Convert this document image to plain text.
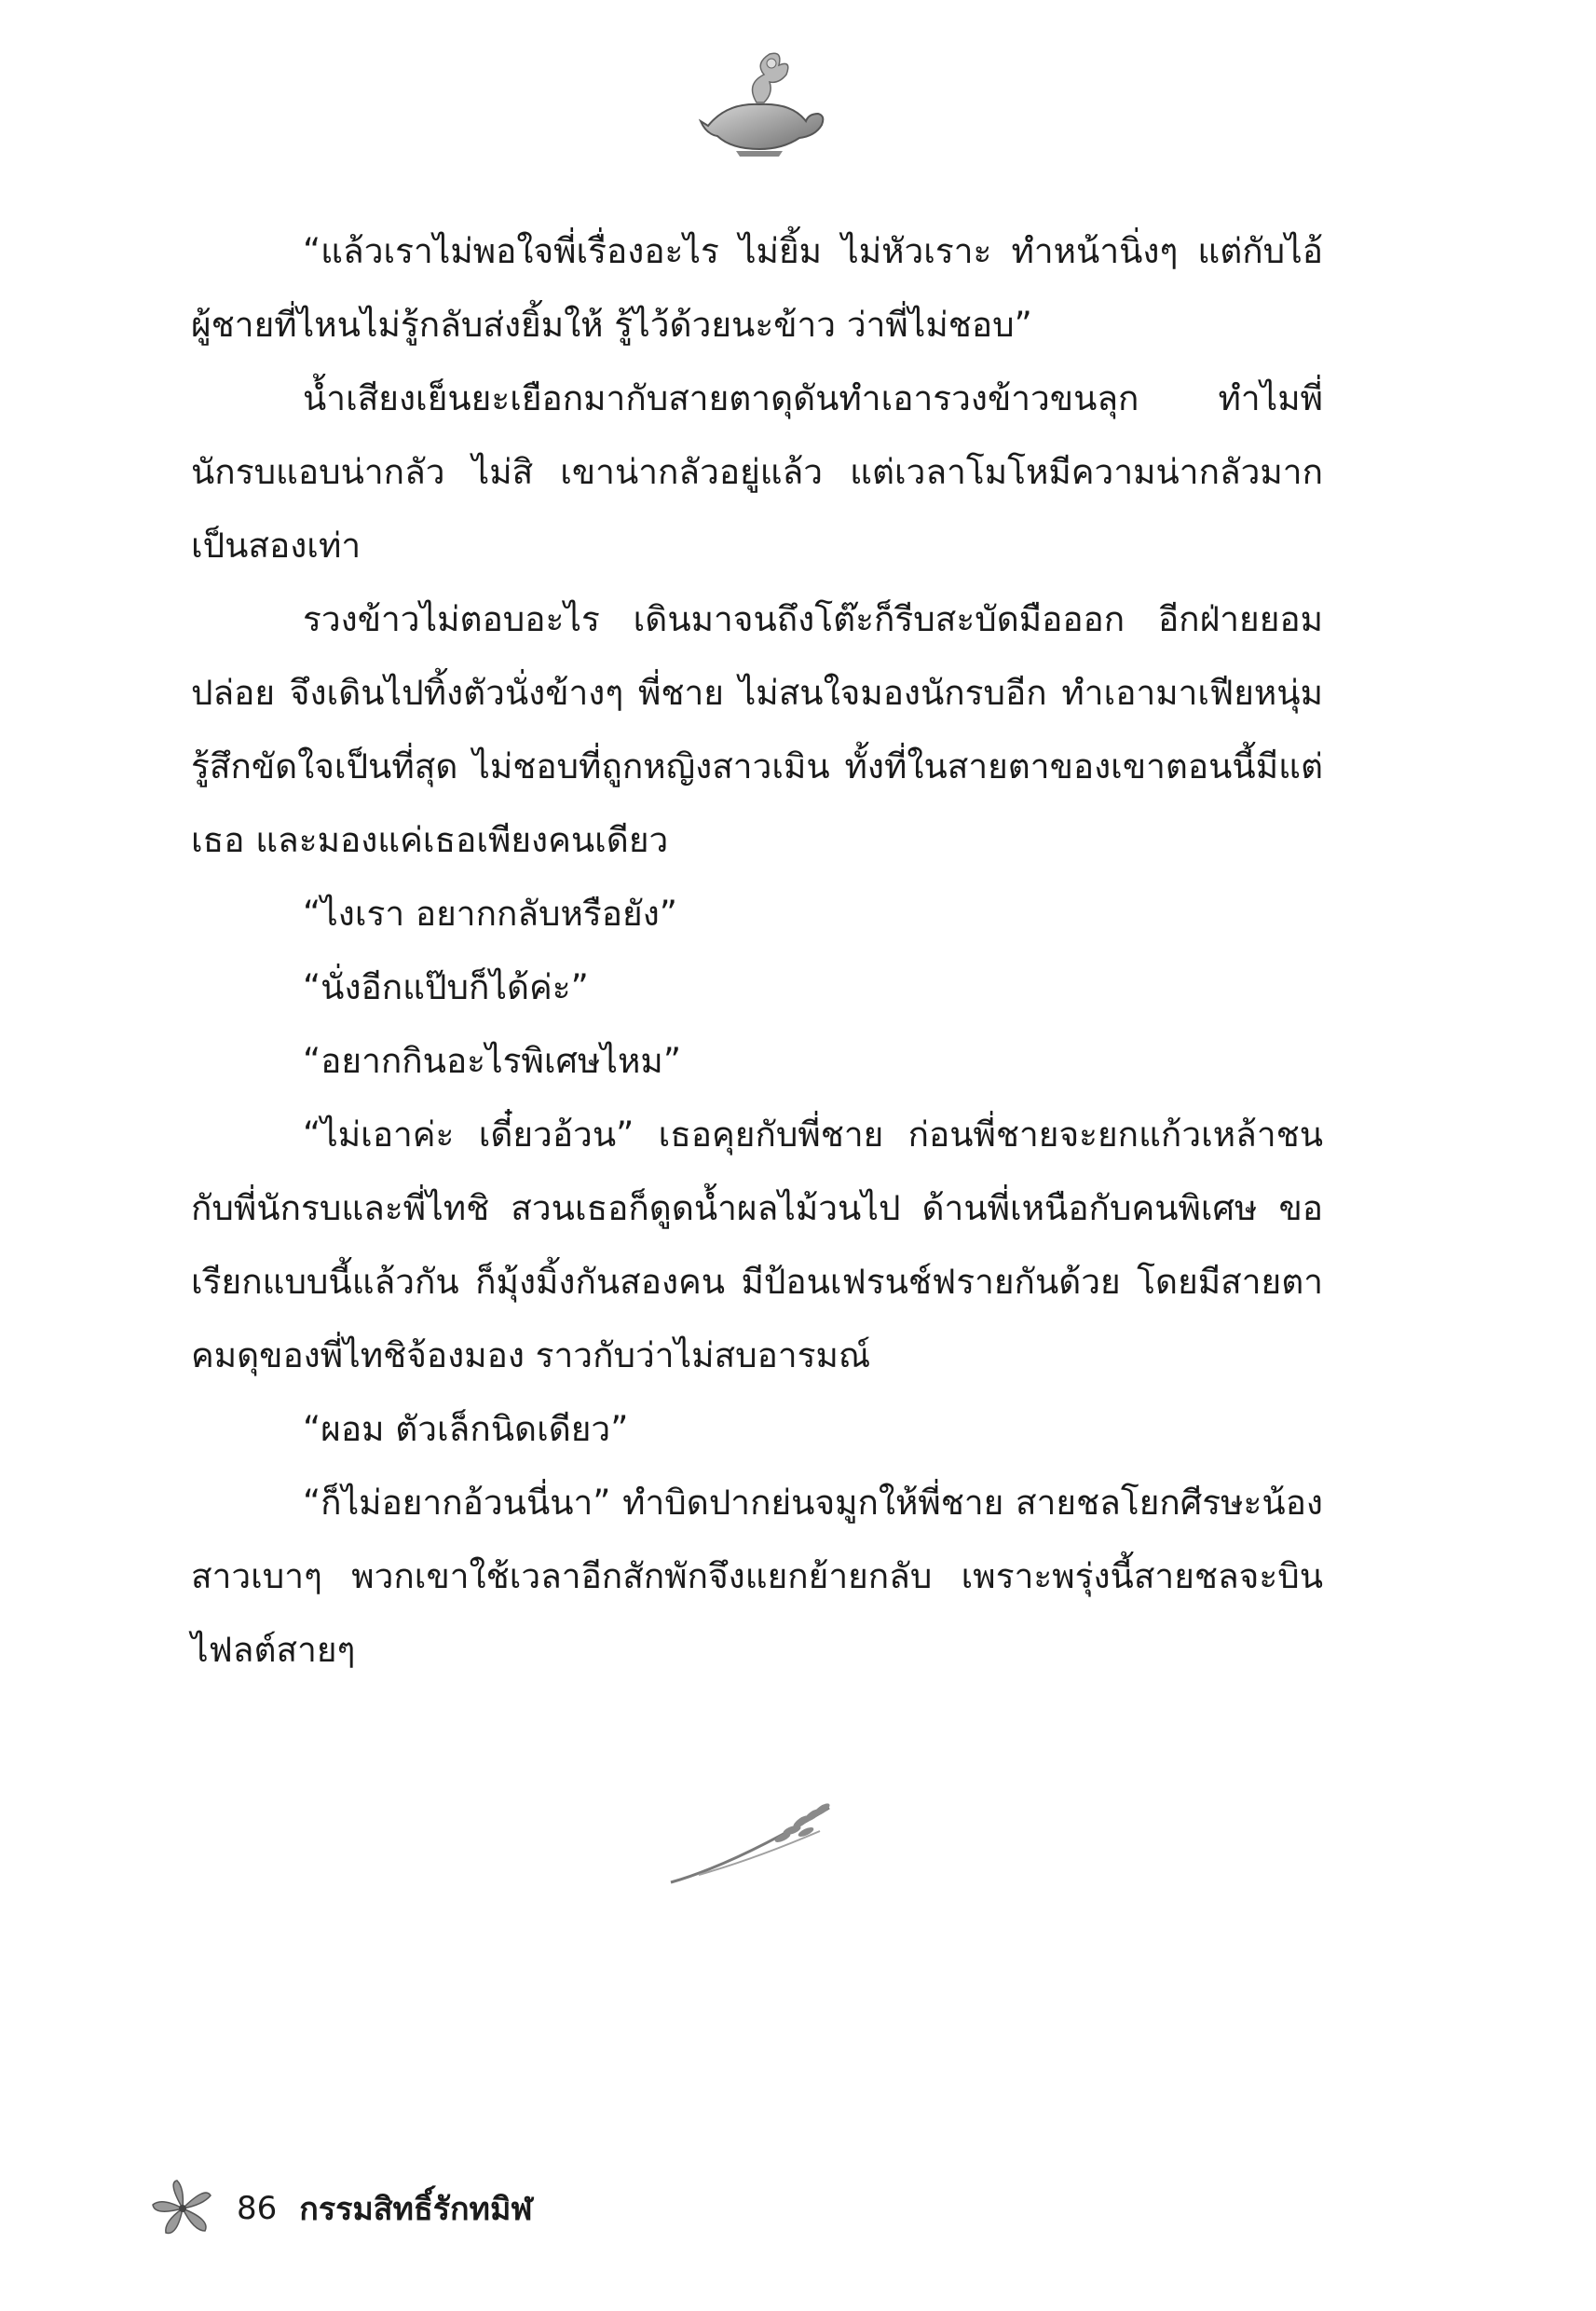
“แล้วเราไม่พอใจพี่เรื่องอะไร ไม่ยิ้ม ไม่หัวเราะ ทำหน้านิ่งๆ แต่กับไอ้ผู้ชายที่ไหนไม่รู้กลับส่งยิ้มให้ รู้ไว้ด้วยนะข้าว ว่าพี่ไม่ชอบ”

น้ำเสียงเย็นยะเยือกมากับสายตาดุดันทำเอารวงข้าวขนลุก ทำไมพี่นักรบแอบน่ากลัว ไม่สิ เขาน่ากลัวอยู่แล้ว แต่เวลาโมโหมีความน่ากลัวมากเป็นสองเท่า

รวงข้าวไม่ตอบอะไร เดินมาจนถึงโต๊ะก็รีบสะบัดมือออก อีกฝ่ายยอมปล่อย จึงเดินไปทิ้งตัวนั่งข้างๆ พี่ชาย ไม่สนใจมองนักรบอีก ทำเอามาเฟียหนุ่มรู้สึกขัดใจเป็นที่สุด ไม่ชอบที่ถูกหญิงสาวเมิน ทั้งที่ในสายตาของเขาตอนนี้มีแต่เธอ และมองแค่เธอเพียงคนเดียว

“ไงเรา อยากกลับหรือยัง”

“นั่งอีกแป๊บก็ได้ค่ะ”

“อยากกินอะไรพิเศษไหม”

“ไม่เอาค่ะ เดี๋ยวอ้วน” เธอคุยกับพี่ชาย ก่อนพี่ชายจะยกแก้วเหล้าชนกับพี่นักรบและพี่ไทชิ สวนเธอก็ดูดน้ำผลไม้วนไป ด้านพี่เหนือกับคนพิเศษ ขอเรียกแบบนี้แล้วกัน ก็มุ้งมิ้งกันสองคน มีป้อนเฟรนช์ฟรายกันด้วย โดยมีสายตาคมดุของพี่ไทชิจ้องมอง ราวกับว่าไม่สบอารมณ์

“ผอม ตัวเล็กนิดเดียว”

“ก็ไม่อยากอ้วนนี่นา” ทำบิดปากย่นจมูกให้พี่ชาย สายชลโยกศีรษะน้องสาวเบาๆ พวกเขาใช้เวลาอีกสักพักจึงแยกย้ายกลับ เพราะพรุ่งนี้สายชลจะบินไฟลต์สายๆ

86 กรรมสิทธิ์รักทมิฬ
